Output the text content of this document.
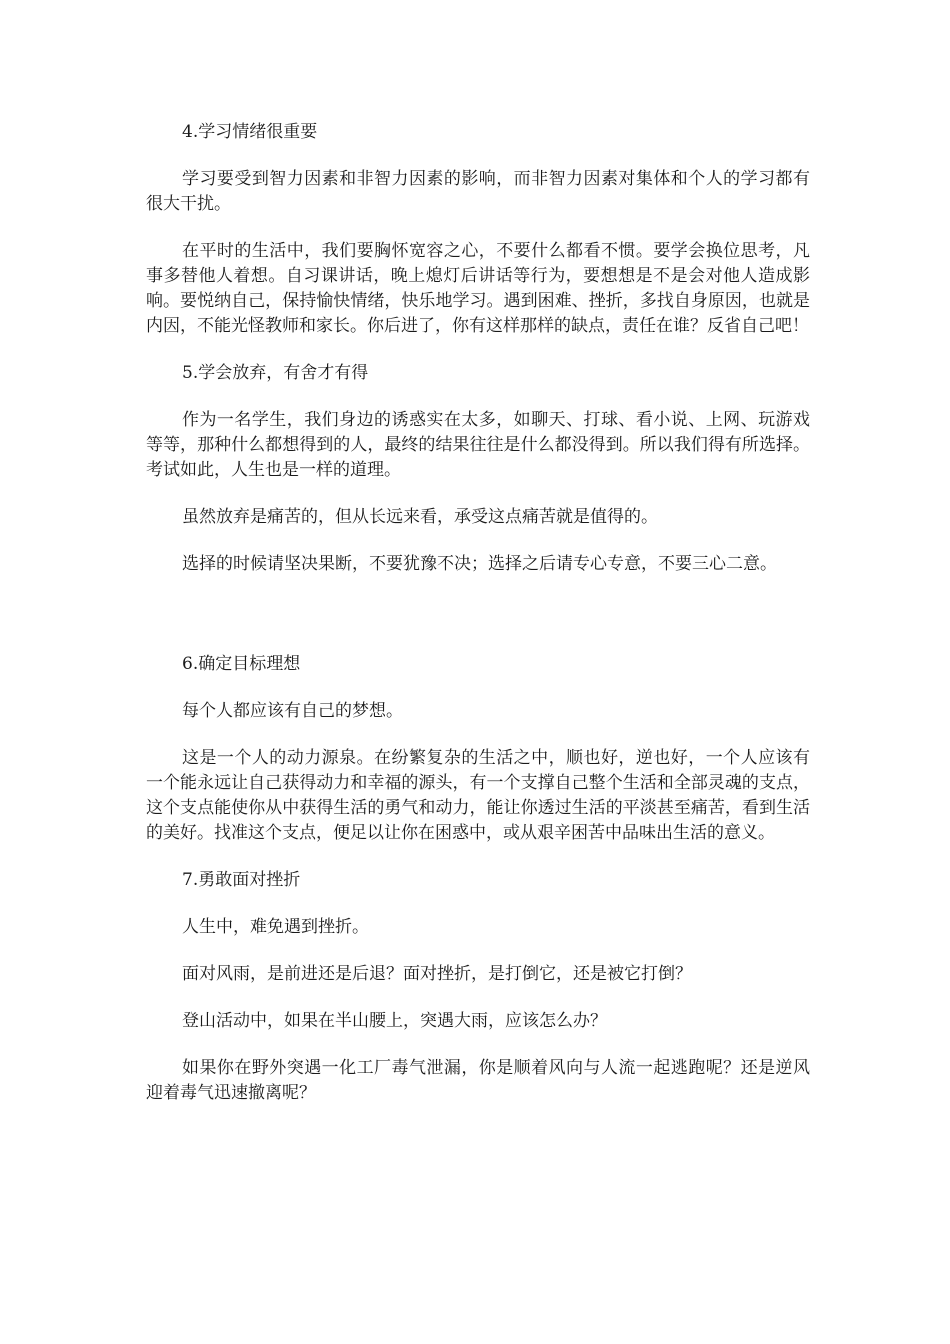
4.学习情绪很重要

学习要受到智力因素和非智力因素的影响，而非智力因素对集体和个人的学习都有很大干扰。

在平时的生活中，我们要胸怀宽容之心，不要什么都看不惯。要学会换位思考，凡事多替他人着想。自习课讲话，晚上熄灯后讲话等行为，要想想是不是会对他人造成影响。要悦纳自己，保持愉快情绪，快乐地学习。遇到困难、挫折，多找自身原因，也就是内因，不能光怪教师和家长。你后进了，你有这样那样的缺点，责任在谁？反省自己吧！

5.学会放弃，有舍才有得

作为一名学生，我们身边的诱惑实在太多，如聊天、打球、看小说、上网、玩游戏等等，那种什么都想得到的人，最终的结果往往是什么都没得到。所以我们得有所选择。考试如此，人生也是一样的道理。

虽然放弃是痛苦的，但从长远来看，承受这点痛苦就是值得的。

选择的时候请坚决果断，不要犹豫不决；选择之后请专心专意，不要三心二意。

6.确定目标理想

每个人都应该有自己的梦想。

这是一个人的动力源泉。在纷繁复杂的生活之中，顺也好，逆也好，一个人应该有一个能永远让自己获得动力和幸福的源头，有一个支撑自己整个生活和全部灵魂的支点，这个支点能使你从中获得生活的勇气和动力，能让你透过生活的平淡甚至痛苦，看到生活的美好。找准这个支点，便足以让你在困惑中，或从艰辛困苦中品味出生活的意义。

7.勇敢面对挫折

人生中，难免遇到挫折。

面对风雨，是前进还是后退？面对挫折，是打倒它，还是被它打倒？

登山活动中，如果在半山腰上，突遇大雨，应该怎么办？

如果你在野外突遇一化工厂毒气泄漏，你是顺着风向与人流一起逃跑呢？还是逆风迎着毒气迅速撤离呢？
